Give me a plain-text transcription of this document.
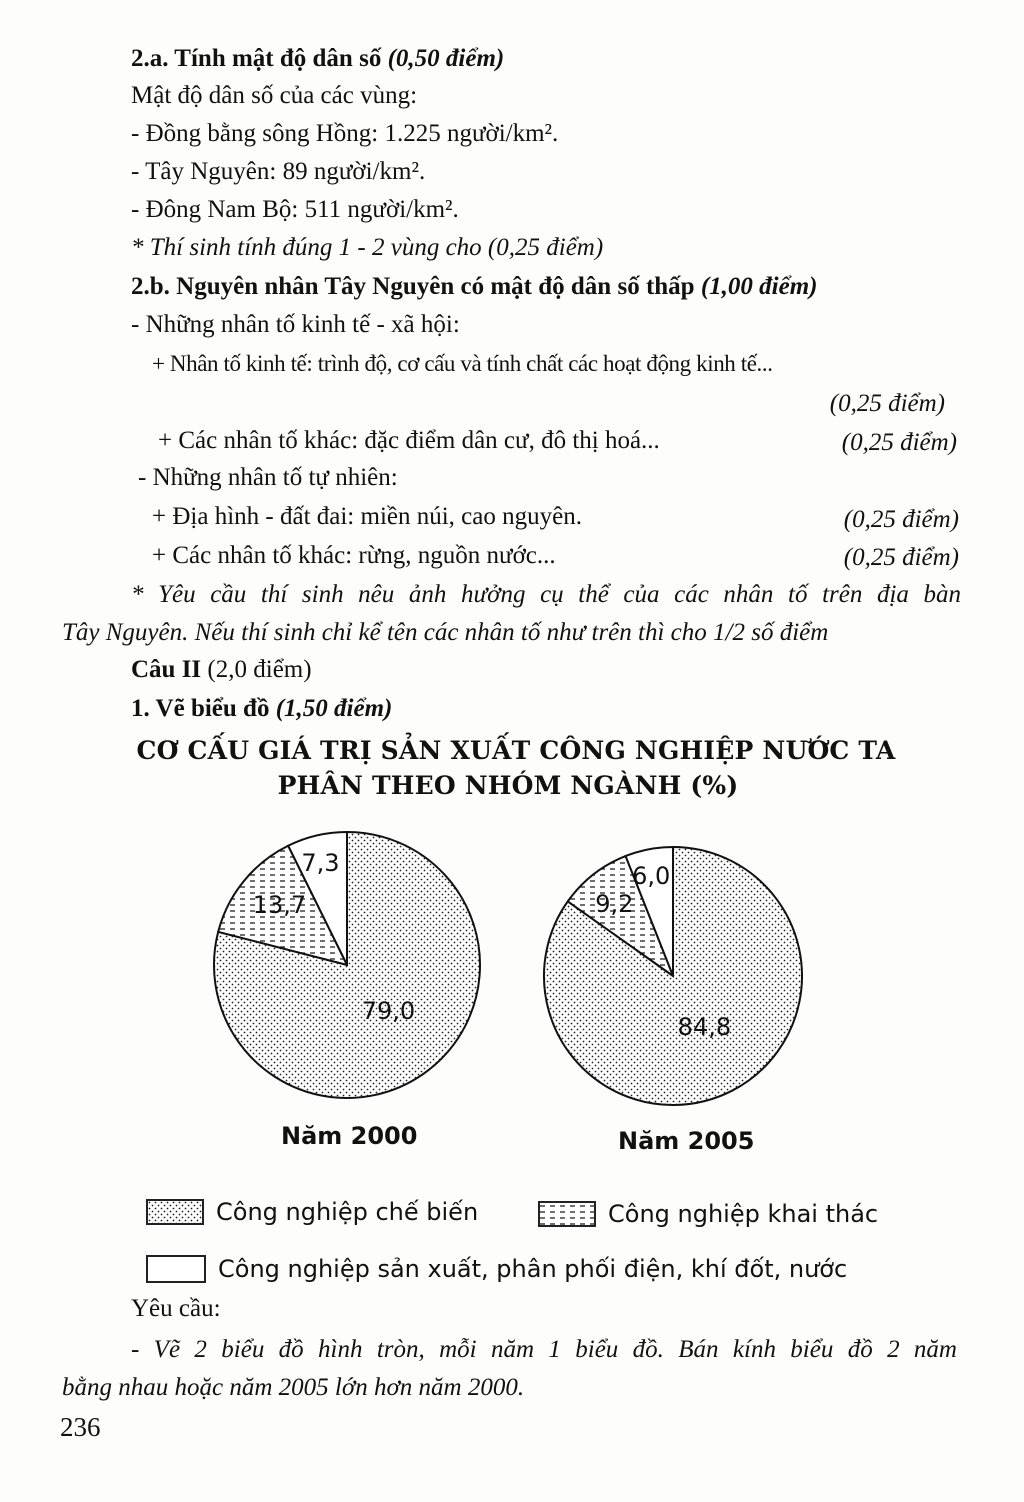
2.a. Tính mật độ dân số (0,50 điểm)
Mật độ dân số của các vùng:
- Đồng bằng sông Hồng: 1.225 người/km².
- Tây Nguyên: 89 người/km².
- Đông Nam Bộ: 511 người/km².
* Thí sinh tính đúng 1 - 2 vùng cho (0,25 điểm)
2.b. Nguyên nhân Tây Nguyên có mật độ dân số thấp (1,00 điểm)
- Những nhân tố kinh tế - xã hội:
+ Nhân tố kinh tế: trình độ, cơ cấu và tính chất các hoạt động kinh tế...
(0,25 điểm)
+ Các nhân tố khác: đặc điểm dân cư, đô thị hoá...	(0,25 điểm)
- Những nhân tố tự nhiên:
+ Địa hình - đất đai: miền núi, cao nguyên.	(0,25 điểm)
+ Các nhân tố khác: rừng, nguồn nước...	(0,25 điểm)
* Yêu cầu thí sinh nêu ảnh hưởng cụ thể của các nhân tố trên địa bàn
Tây Nguyên. Nếu thí sinh chỉ kể tên các nhân tố như trên thì cho 1/2 số điểm
Câu II (2,0 điểm)
1. Vẽ biểu đồ (1,50 điểm)
CƠ CẤU GIÁ TRỊ SẢN XUẤT CÔNG NGHIỆP NƯỚC TA
PHÂN THEO NHÓM NGÀNH (%)
7,3
13,7
79,0
6,0
9,2
84,8
Năm 2000	Năm 2005
Công nghiệp chế biến	Công nghiệp khai thác
Công nghiệp sản xuất, phân phối điện, khí đốt, nước
Yêu cầu:
- Vẽ 2 biểu đồ hình tròn, mỗi năm 1 biểu đồ. Bán kính biểu đồ 2 năm
bằng nhau hoặc năm 2005 lớn hơn năm 2000.
236
